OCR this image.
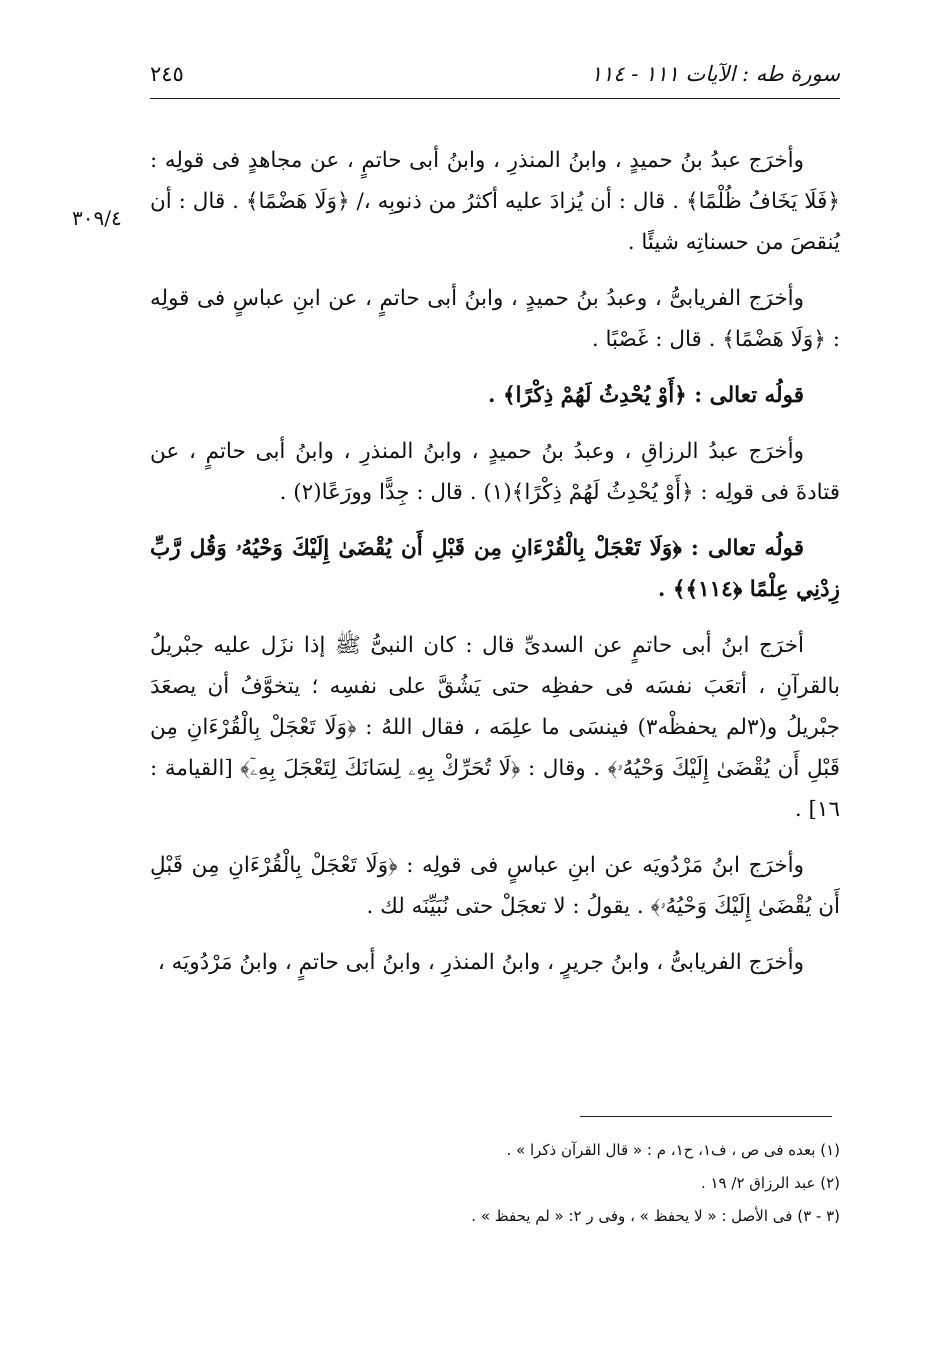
سورة طه : الآيات ١١١ - ١١٤
٢٤٥
٣٠٩/٤

وأخرَج عبدُ بنُ حميدٍ ، وابنُ المنذرِ ، وابنُ أبى حاتمٍ ، عن مجاهدٍ فى قولِه : ﴿فَلَا يَخَافُ ظُلْمًا﴾ . قال : أن يُزادَ عليه أكثرُ من ذنوبِه ،/ ﴿وَلَا هَضْمًا﴾ . قال : أن يُنقصَ من حسناتِه شيئًا .

وأخرَج الفريابىُّ ، وعبدُ بنُ حميدٍ ، وابنُ أبى حاتمٍ ، عن ابنِ عباسٍ فى قولِه : ﴿وَلَا هَضْمًا﴾ . قال : غَصْبًا .

قولُه تعالى : ﴿أَوْ يُحْدِثُ لَهُمْ ذِكْرًا﴾ .

وأخرَج عبدُ الرزاقِ ، وعبدُ بنُ حميدٍ ، وابنُ المنذرِ ، وابنُ أبى حاتمٍ ، عن قتادةَ فى قولِه : ﴿أَوْ يُحْدِثُ لَهُمْ ذِكْرًا﴾(١) . قال : جِدًّا وورَعًا(٢) .

قولُه تعالى : ﴿وَلَا تَعْجَلْ بِالْقُرْءَانِ مِن قَبْلِ أَن يُقْضَىٰ إِلَيْكَ وَحْيُهُۥ وَقُل رَّبِّ زِدْنِي عِلْمًا ﴿١١٤﴾﴾ .

أخرَج ابنُ أبى حاتمٍ عن السدىِّ قال : كان النبىُّ ﷺ إذا نزَل عليه جبْريلُ بالقرآنِ ، أتعَبَ نفسَه فى حفظِه حتى يَشُقَّ على نفسِه ؛ يتخوَّفُ أن يصعَدَ جبْريلُ و(٣لم يحفظْه٣) فينسَى ما علِمَه ، فقال اللهُ : ﴿وَلَا تَعْجَلْ بِالْقُرْءَانِ مِن قَبْلِ أَن يُقْضَىٰ إِلَيْكَ وَحْيُهُۥ﴾ . وقال : ﴿لَا تُحَرِّكْ بِهِۦ لِسَانَكَ لِتَعْجَلَ بِهِۦٓ﴾ [القيامة : ١٦] .

وأخرَج ابنُ مَرْدُويَه عن ابنِ عباسٍ فى قولِه : ﴿وَلَا تَعْجَلْ بِالْقُرْءَانِ مِن قَبْلِ أَن يُقْضَىٰ إِلَيْكَ وَحْيُهُۥ﴾ . يقولُ : لا تعجَلْ حتى نُبَيِّنَه لك .

وأخرَج الفريابىُّ ، وابنُ جريرٍ ، وابنُ المنذرِ ، وابنُ أبى حاتمٍ ، وابنُ مَرْدُويَه ،

(١) بعده فى ص ، ف١، ح١، م : « قال القرآن ذكرا » .
(٢) عبد الرزاق ٢/ ١٩ .
(٣ - ٣) فى الأصل : « لا يحفظ » ، وفى ر ٢: « لم يحفظ » .
